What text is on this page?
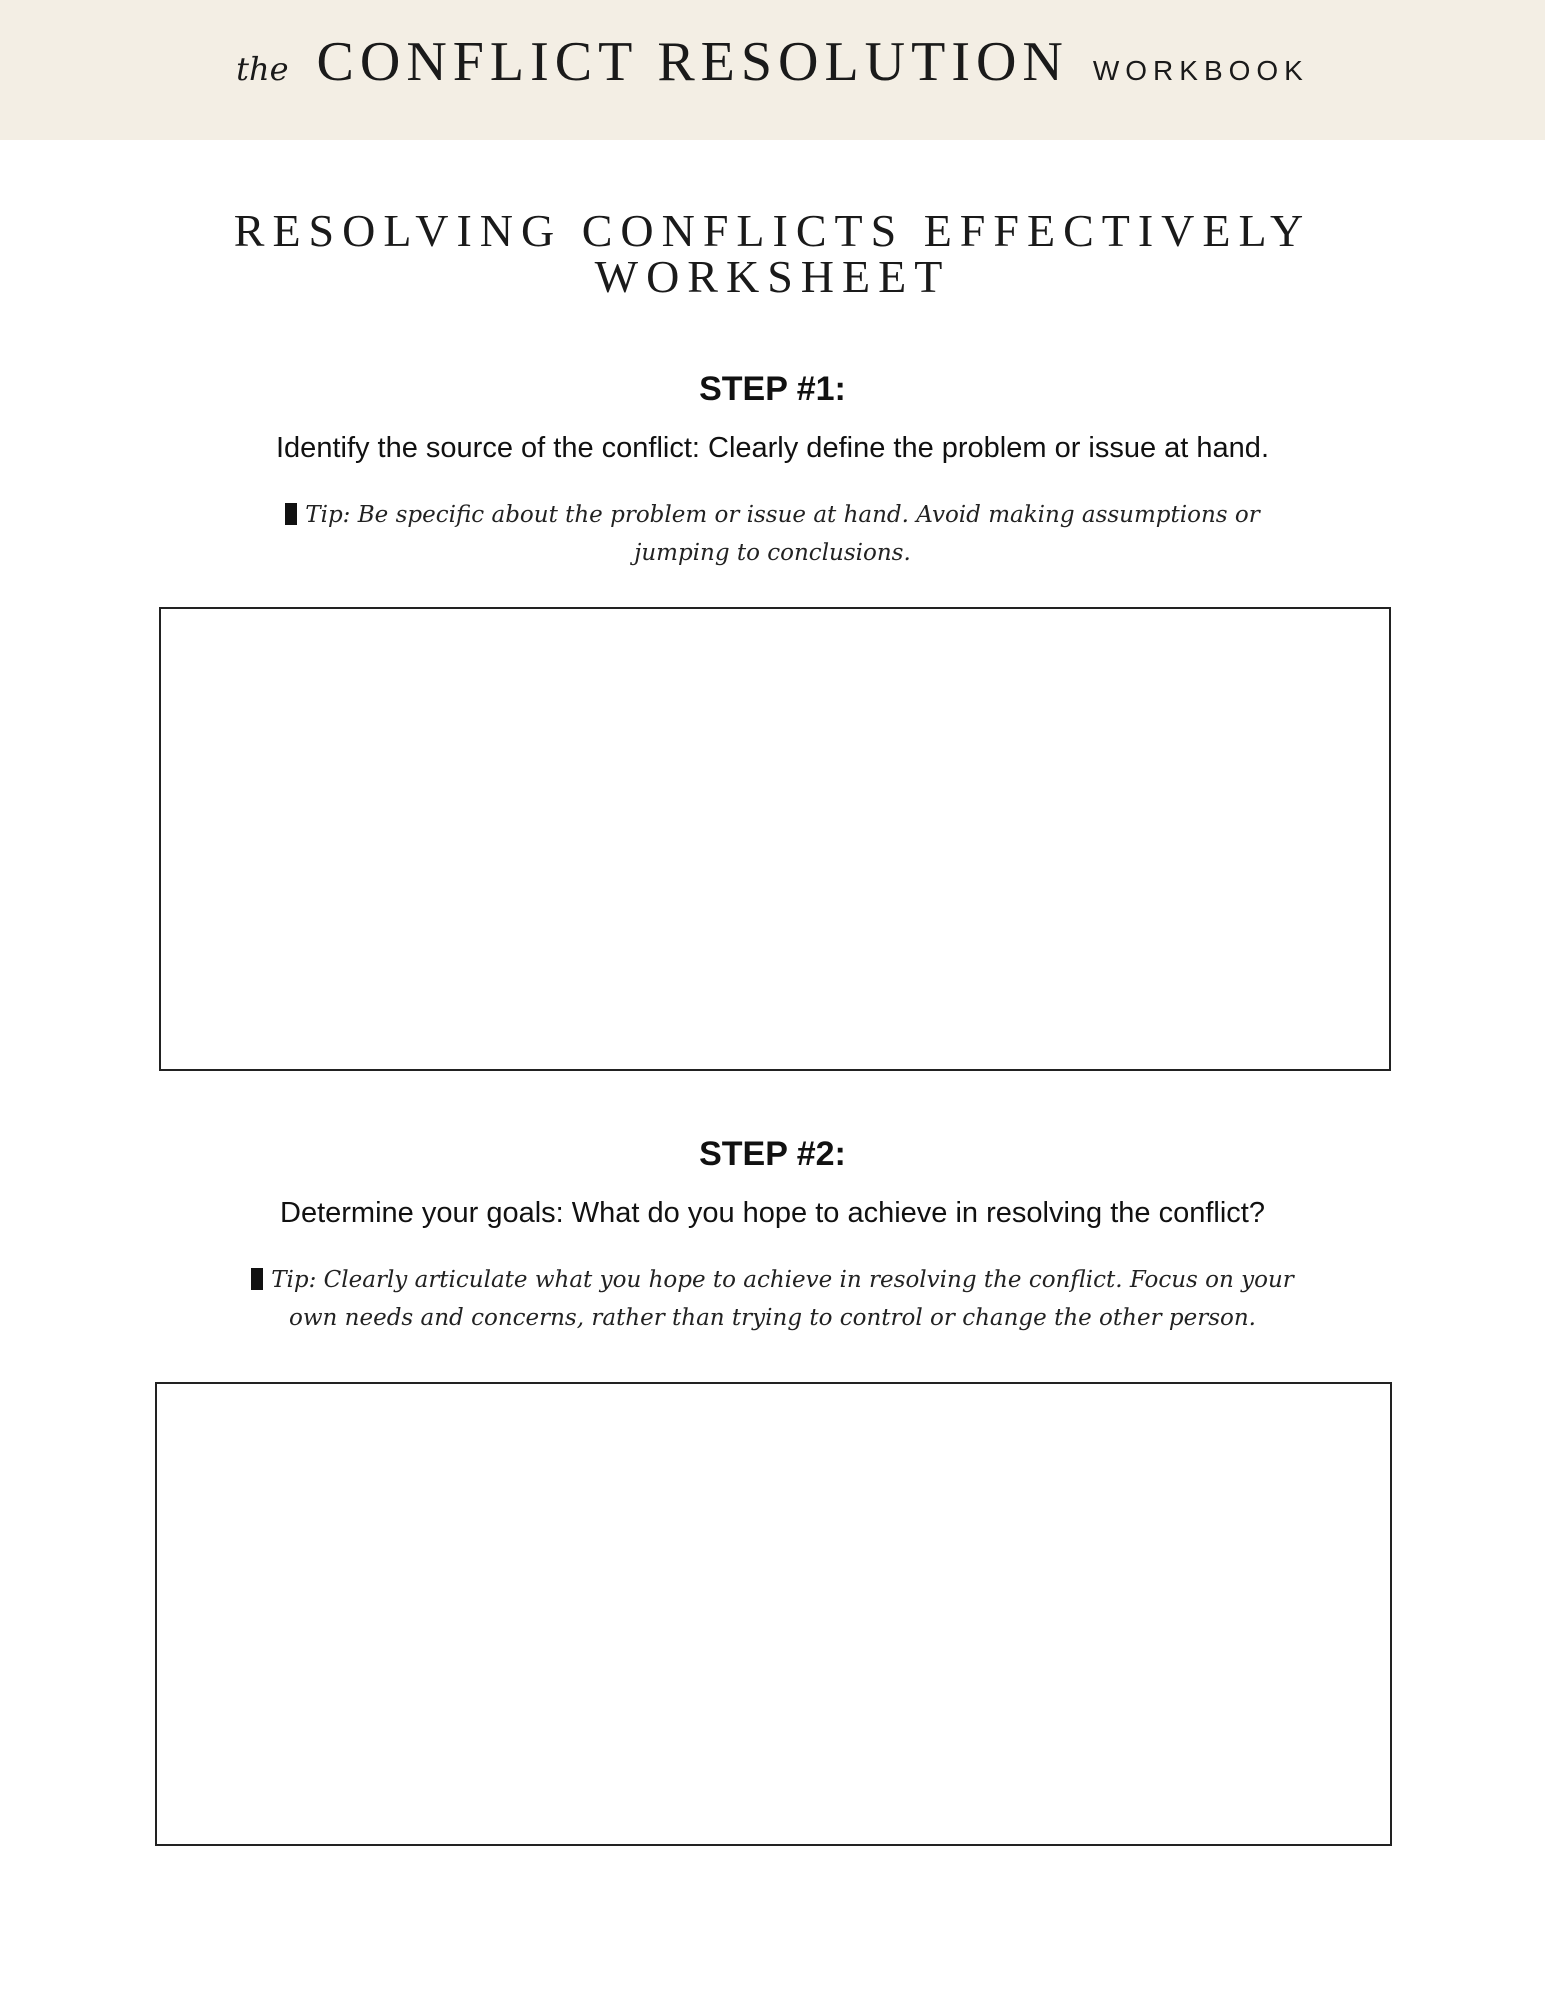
the CONFLICT RESOLUTION WORKBOOK
RESOLVING CONFLICTS EFFECTIVELY
WORKSHEET
STEP #1:
Identify the source of the conflict: Clearly define the problem or issue at hand.
Tip: Be specific about the problem or issue at hand. Avoid making assumptions or jumping to conclusions.
STEP #2:
Determine your goals: What do you hope to achieve in resolving the conflict?
Tip: Clearly articulate what you hope to achieve in resolving the conflict. Focus on your own needs and concerns, rather than trying to control or change the other person.
